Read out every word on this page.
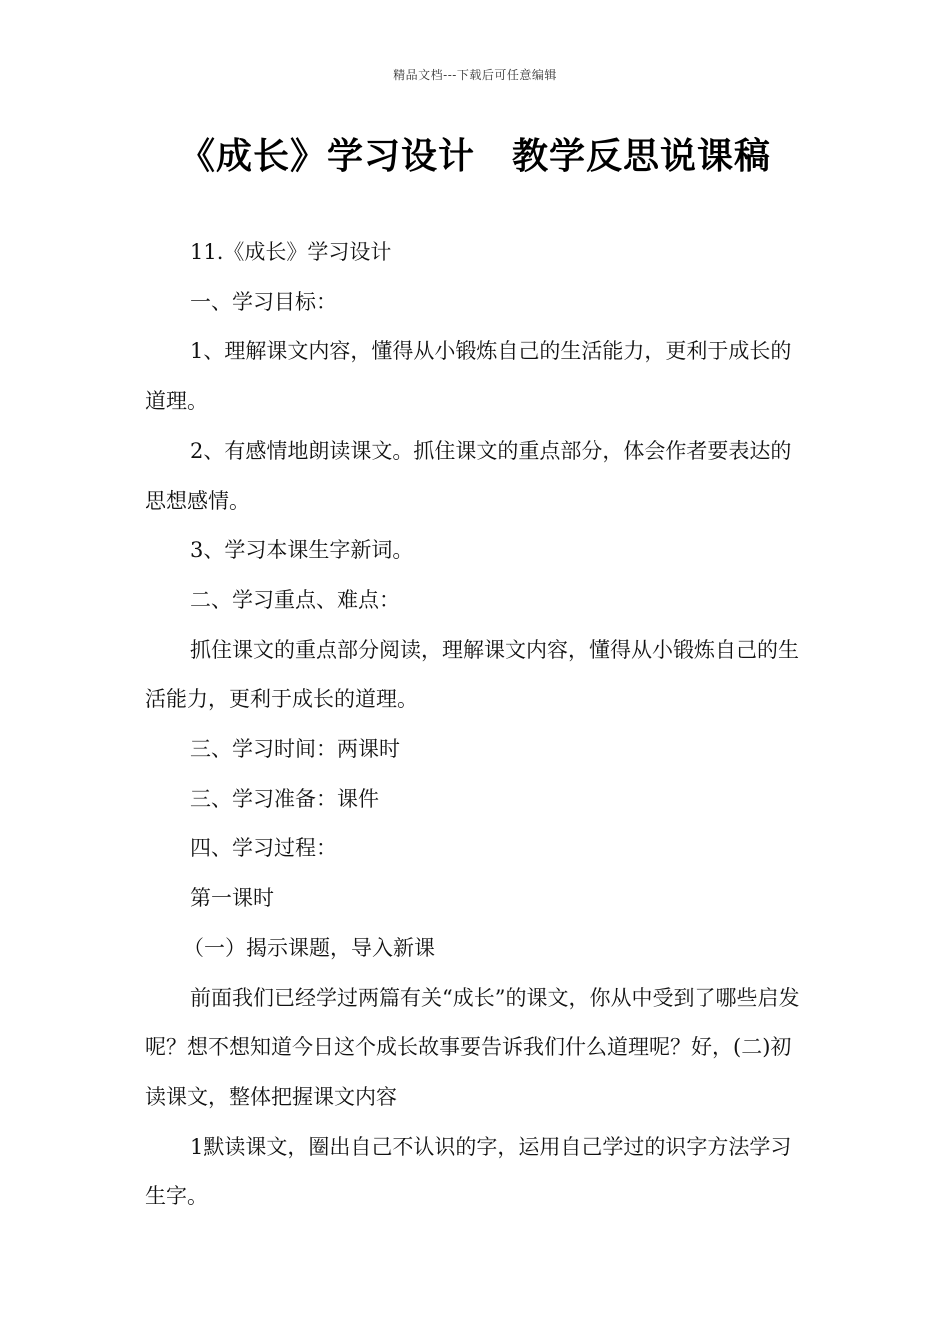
精品文档---下载后可任意编辑
《成长》学习设计　教学反思说课稿

11.《成长》学习设计

一、学习目标：

1、理解课文内容，懂得从小锻炼自己的生活能力，更利于成长的道理。

2、有感情地朗读课文。抓住课文的重点部分，体会作者要表达的思想感情。

3、学习本课生字新词。

二、学习重点、难点：

抓住课文的重点部分阅读，理解课文内容，懂得从小锻炼自己的生活能力，更利于成长的道理。

三、学习时间：两课时

三、学习准备：课件

四、学习过程：

第一课时

（一）揭示课题，导入新课

前面我们已经学过两篇有关“成长”的课文，你从中受到了哪些启发呢？想不想知道今日这个成长故事要告诉我们什么道理呢？好，(二)初读课文，整体把握课文内容

1默读课文，圈出自己不认识的字，运用自己学过的识字方法学习生字。
